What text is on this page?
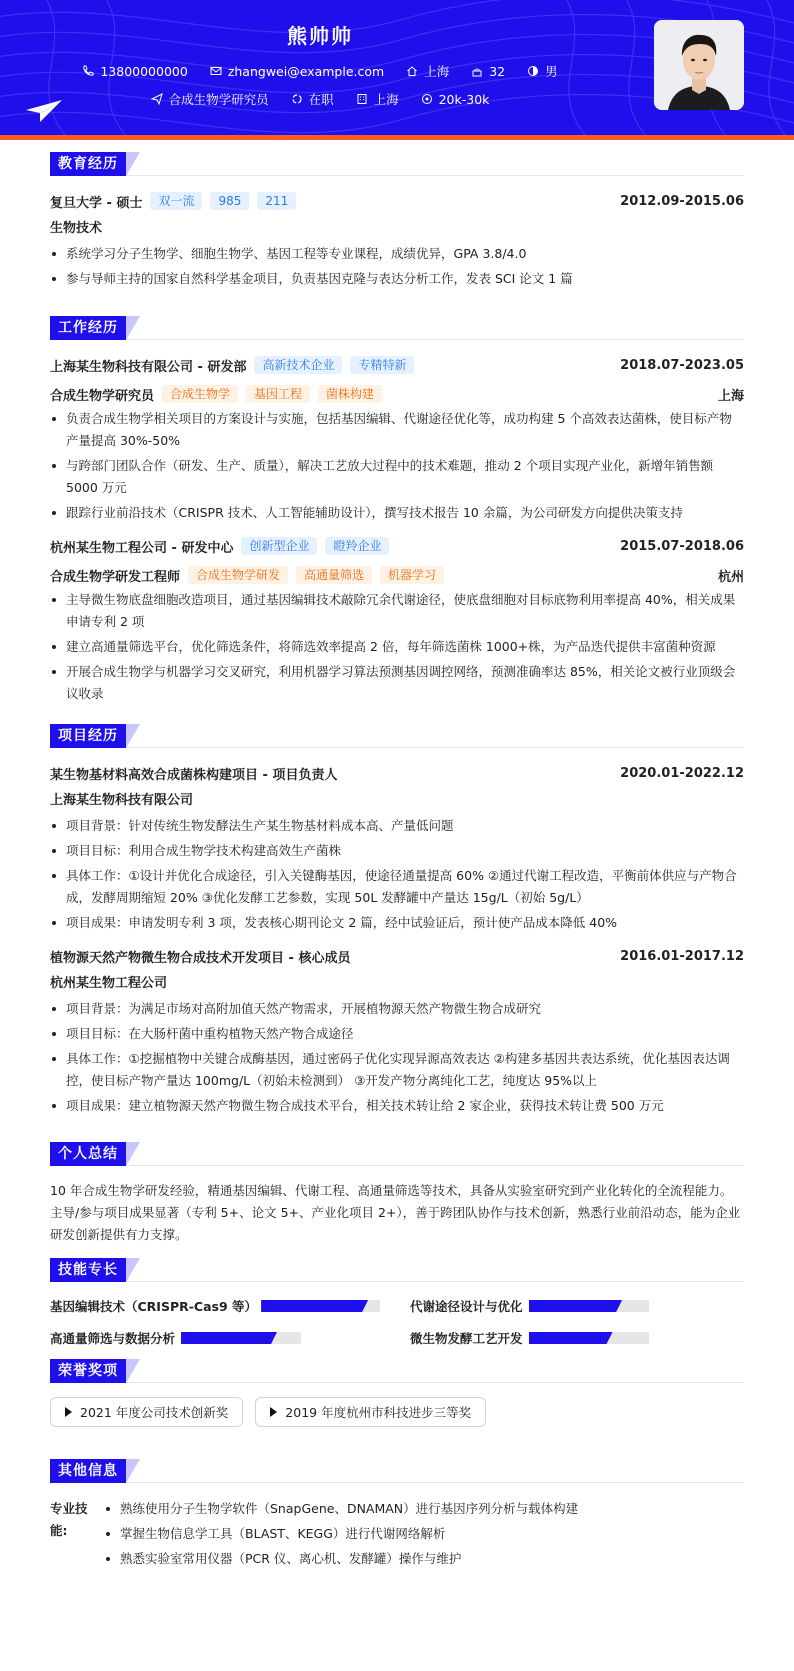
熊帅帅
13800000000	zhangwei@example.com	上海	32	男
合成生物学研究员	在职	上海	20k-30k
教育经历
复旦大学 - 硕士	双一流	985	211	2012.09-2015.06
生物技术
系统学习分子生物学、细胞生物学、基因工程等专业课程，成绩优异，GPA 3.8/4.0
参与导师主持的国家自然科学基金项目，负责基因克隆与表达分析工作，发表 SCI 论文 1 篇
工作经历
上海某生物科技有限公司 - 研发部	高新技术企业	专精特新	2018.07-2023.05
合成生物学研究员	合成生物学	基因工程	菌株构建	上海
负责合成生物学相关项目的方案设计与实施，包括基因编辑、代谢途径优化等，成功构建 5 个高效表达菌株，使目标产物产量提高 30%-50%
与跨部门团队合作（研发、生产、质量），解决工艺放大过程中的技术难题，推动 2 个项目实现产业化，新增年销售额 5000 万元
跟踪行业前沿技术（CRISPR 技术、人工智能辅助设计），撰写技术报告 10 余篇，为公司研发方向提供决策支持
杭州某生物工程公司 - 研发中心	创新型企业	瞪羚企业	2015.07-2018.06
合成生物学研发工程师	合成生物学研发	高通量筛选	机器学习	杭州
主导微生物底盘细胞改造项目，通过基因编辑技术敲除冗余代谢途径，使底盘细胞对目标底物利用率提高 40%，相关成果申请专利 2 项
建立高通量筛选平台，优化筛选条件，将筛选效率提高 2 倍，每年筛选菌株 1000+株，为产品迭代提供丰富菌种资源
开展合成生物学与机器学习交叉研究，利用机器学习算法预测基因调控网络，预测准确率达 85%，相关论文被行业顶级会议收录
项目经历
某生物基材料高效合成菌株构建项目 - 项目负责人	2020.01-2022.12
上海某生物科技有限公司
项目背景：针对传统生物发酵法生产某生物基材料成本高、产量低问题
项目目标：利用合成生物学技术构建高效生产菌株
具体工作：①设计并优化合成途径，引入关键酶基因，使途径通量提高 60% ②通过代谢工程改造，平衡前体供应与产物合成，发酵周期缩短 20% ③优化发酵工艺参数，实现 50L 发酵罐中产量达 15g/L（初始 5g/L）
项目成果：申请发明专利 3 项，发表核心期刊论文 2 篇，经中试验证后，预计使产品成本降低 40%
植物源天然产物微生物合成技术开发项目 - 核心成员	2016.01-2017.12
杭州某生物工程公司
项目背景：为满足市场对高附加值天然产物需求，开展植物源天然产物微生物合成研究
项目目标：在大肠杆菌中重构植物天然产物合成途径
具体工作：①挖掘植物中关键合成酶基因，通过密码子优化实现异源高效表达 ②构建多基因共表达系统，优化基因表达调控，使目标产物产量达 100mg/L（初始未检测到） ③开发产物分离纯化工艺，纯度达 95%以上
项目成果：建立植物源天然产物微生物合成技术平台，相关技术转让给 2 家企业，获得技术转让费 500 万元
个人总结
10 年合成生物学研发经验，精通基因编辑、代谢工程、高通量筛选等技术，具备从实验室研究到产业化转化的全流程能力。主导/参与项目成果显著（专利 5+、论文 5+、产业化项目 2+），善于跨团队协作与技术创新，熟悉行业前沿动态，能为企业研发创新提供有力支撑。
技能专长
基因编辑技术（CRISPR-Cas9 等）	代谢途径设计与优化
高通量筛选与数据分析	微生物发酵工艺开发
荣誉奖项
2021 年度公司技术创新奖	2019 年度杭州市科技进步三等奖
其他信息
专业技能:
熟练使用分子生物学软件（SnapGene、DNAMAN）进行基因序列分析与载体构建
掌握生物信息学工具（BLAST、KEGG）进行代谢网络解析
熟悉实验室常用仪器（PCR 仪、离心机、发酵罐）操作与维护
